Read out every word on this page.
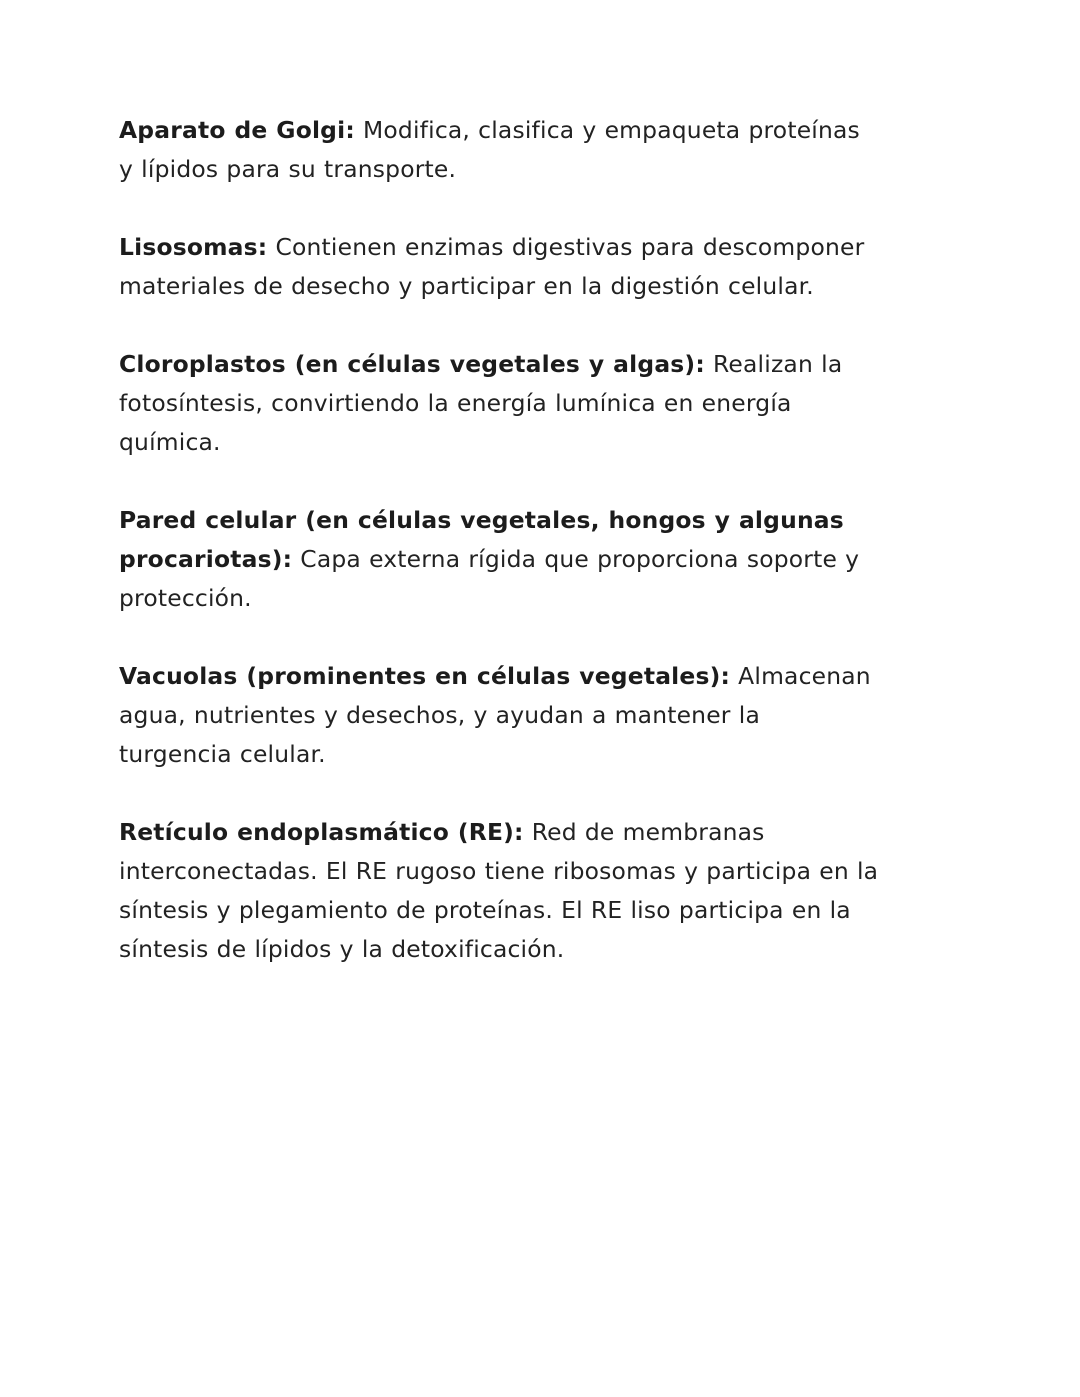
Aparato de Golgi: Modifica, clasifica y empaqueta proteínas y lípidos para su transporte.

Lisosomas: Contienen enzimas digestivas para descomponer materiales de desecho y participar en la digestión celular.

Cloroplastos (en células vegetales y algas): Realizan la fotosíntesis, convirtiendo la energía lumínica en energía química.

Pared celular (en células vegetales, hongos y algunas procariotas): Capa externa rígida que proporciona soporte y protección.

Vacuolas (prominentes en células vegetales): Almacenan agua, nutrientes y desechos, y ayudan a mantener la turgencia celular.

Retículo endoplasmático (RE): Red de membranas interconectadas. El RE rugoso tiene ribosomas y participa en la síntesis y plegamiento de proteínas. El RE liso participa en la síntesis de lípidos y la detoxificación.
